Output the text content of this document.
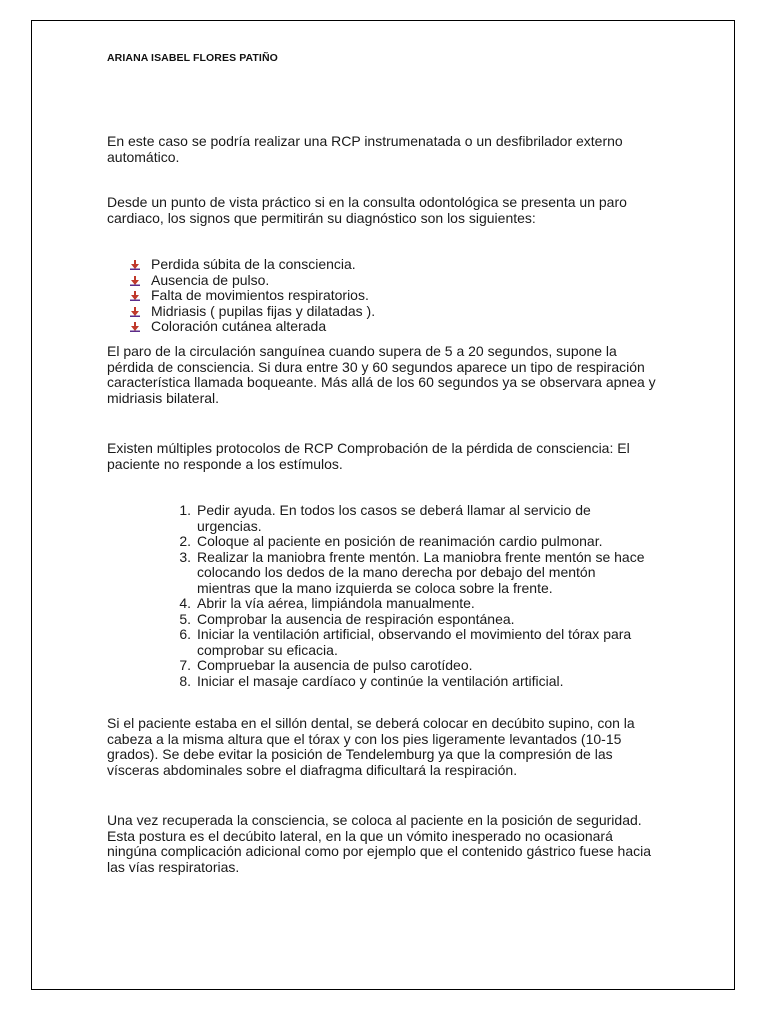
ARIANA ISABEL FLORES PATIÑO

En este caso se podría realizar una RCP instrumenatada o un desfibrilador externo automático.

Desde un punto de vista práctico si en la consulta odontológica se presenta un paro cardiaco, los signos que permitirán su diagnóstico son los siguientes:

Perdida súbita de la consciencia.
Ausencia de pulso.
Falta de movimientos respiratorios.
Midriasis ( pupilas fijas y dilatadas ).
Coloración cutánea alterada

El paro de la circulación sanguínea cuando supera de 5 a 20 segundos, supone la pérdida de consciencia. Si dura entre 30 y 60 segundos aparece un tipo de respiración característica llamada boqueante. Más allá de los 60 segundos ya se observara apnea y midriasis bilateral.

Existen múltiples protocolos de RCP Comprobación de la pérdida de consciencia: El paciente no responde a los estímulos.

1. Pedir ayuda. En todos los casos se deberá llamar al servicio de urgencias.
2. Coloque al paciente en posición de reanimación cardio pulmonar.
3. Realizar la maniobra frente mentón. La maniobra frente mentón se hace colocando los dedos de la mano derecha por debajo del mentón mientras que la mano izquierda se coloca sobre la frente.
4. Abrir la vía aérea, limpiándola manualmente.
5. Comprobar la ausencia de respiración espontánea.
6. Iniciar la ventilación artificial, observando el movimiento del tórax para comprobar su eficacia.
7. Compruebar la ausencia de pulso carotídeo.
8. Iniciar el masaje cardíaco y continúe la ventilación artificial.

Si el paciente estaba en el sillón dental, se deberá colocar en decúbito supino, con la cabeza a la misma altura que el tórax y con los pies ligeramente levantados (10-15 grados). Se debe evitar la posición de Tendelemburg ya que la compresión de las vísceras abdominales sobre el diafragma dificultará la respiración.

Una vez recuperada la consciencia, se coloca al paciente en la posición de seguridad. Esta postura es el decúbito lateral, en la que un vómito inesperado no ocasionará ningúna complicación adicional como por ejemplo que el contenido gástrico fuese hacia las vías respiratorias.
